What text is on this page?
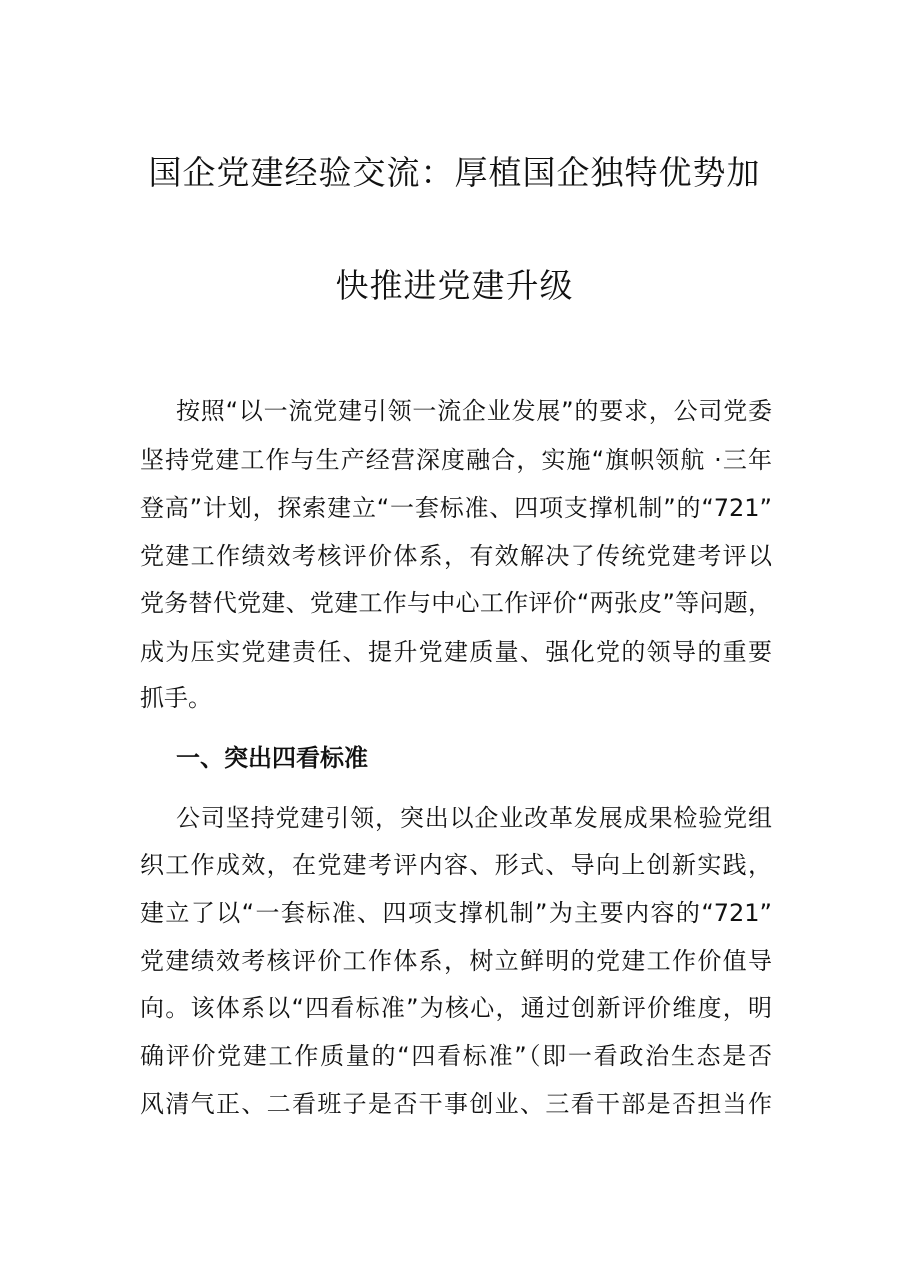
国企党建经验交流：厚植国企独特优势加
快推进党建升级
按照“以一流党建引领一流企业发展”的要求，公司党委
坚持党建工作与生产经营深度融合，实施“旗帜领航 ·三年
登高”计划，探索建立“一套标准、四项支撑机制”的“721”
党建工作绩效考核评价体系，有效解决了传统党建考评以
党务替代党建、党建工作与中心工作评价“两张皮”等问题，
成为压实党建责任、提升党建质量、强化党的领导的重要
抓手。
一、突出四看标准
公司坚持党建引领，突出以企业改革发展成果检验党组
织工作成效，在党建考评内容、形式、导向上创新实践，
建立了以“一套标准、四项支撑机制”为主要内容的“721”
党建绩效考核评价工作体系，树立鲜明的党建工作价值导
向。该体系以“四看标准”为核心，通过创新评价维度，明
确评价党建工作质量的“四看标准”（即一看政治生态是否
风清气正、二看班子是否干事创业、三看干部是否担当作
